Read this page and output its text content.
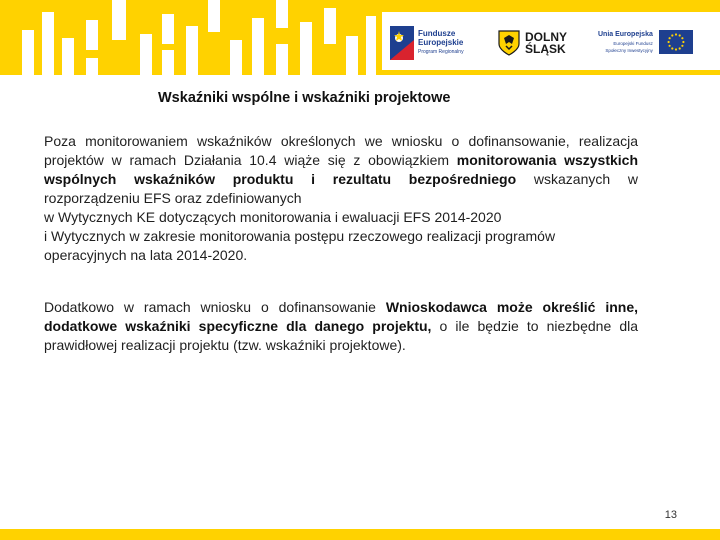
Fundusze
Europejskie
Program Regionalny
DOLNY
ŚLĄSK
Unia Europejska
Europejski Fundusz
Społeczny Inwestycyjny
Wskaźniki wspólne i wskaźniki projektowe

Poza monitorowaniem wskaźników określonych we wniosku o dofinansowanie, realizacja projektów w ramach Działania 10.4 wiąże się z obowiązkiem monitorowania wszystkich wspólnych wskaźników produktu i rezultatu bezpośredniego wskazanych w rozporządzeniu EFS oraz zdefiniowanych
w Wytycznych KE dotyczących monitorowania i ewaluacji EFS 2014-2020
i Wytycznych w zakresie monitorowania postępu rzeczowego realizacji programów operacyjnych na lata 2014-2020.

Dodatkowo w ramach wniosku o dofinansowanie Wnioskodawca może określić inne, dodatkowe wskaźniki specyficzne dla danego projektu, o ile będzie to niezbędne dla prawidłowej realizacji projektu (tzw. wskaźniki projektowe).

13
